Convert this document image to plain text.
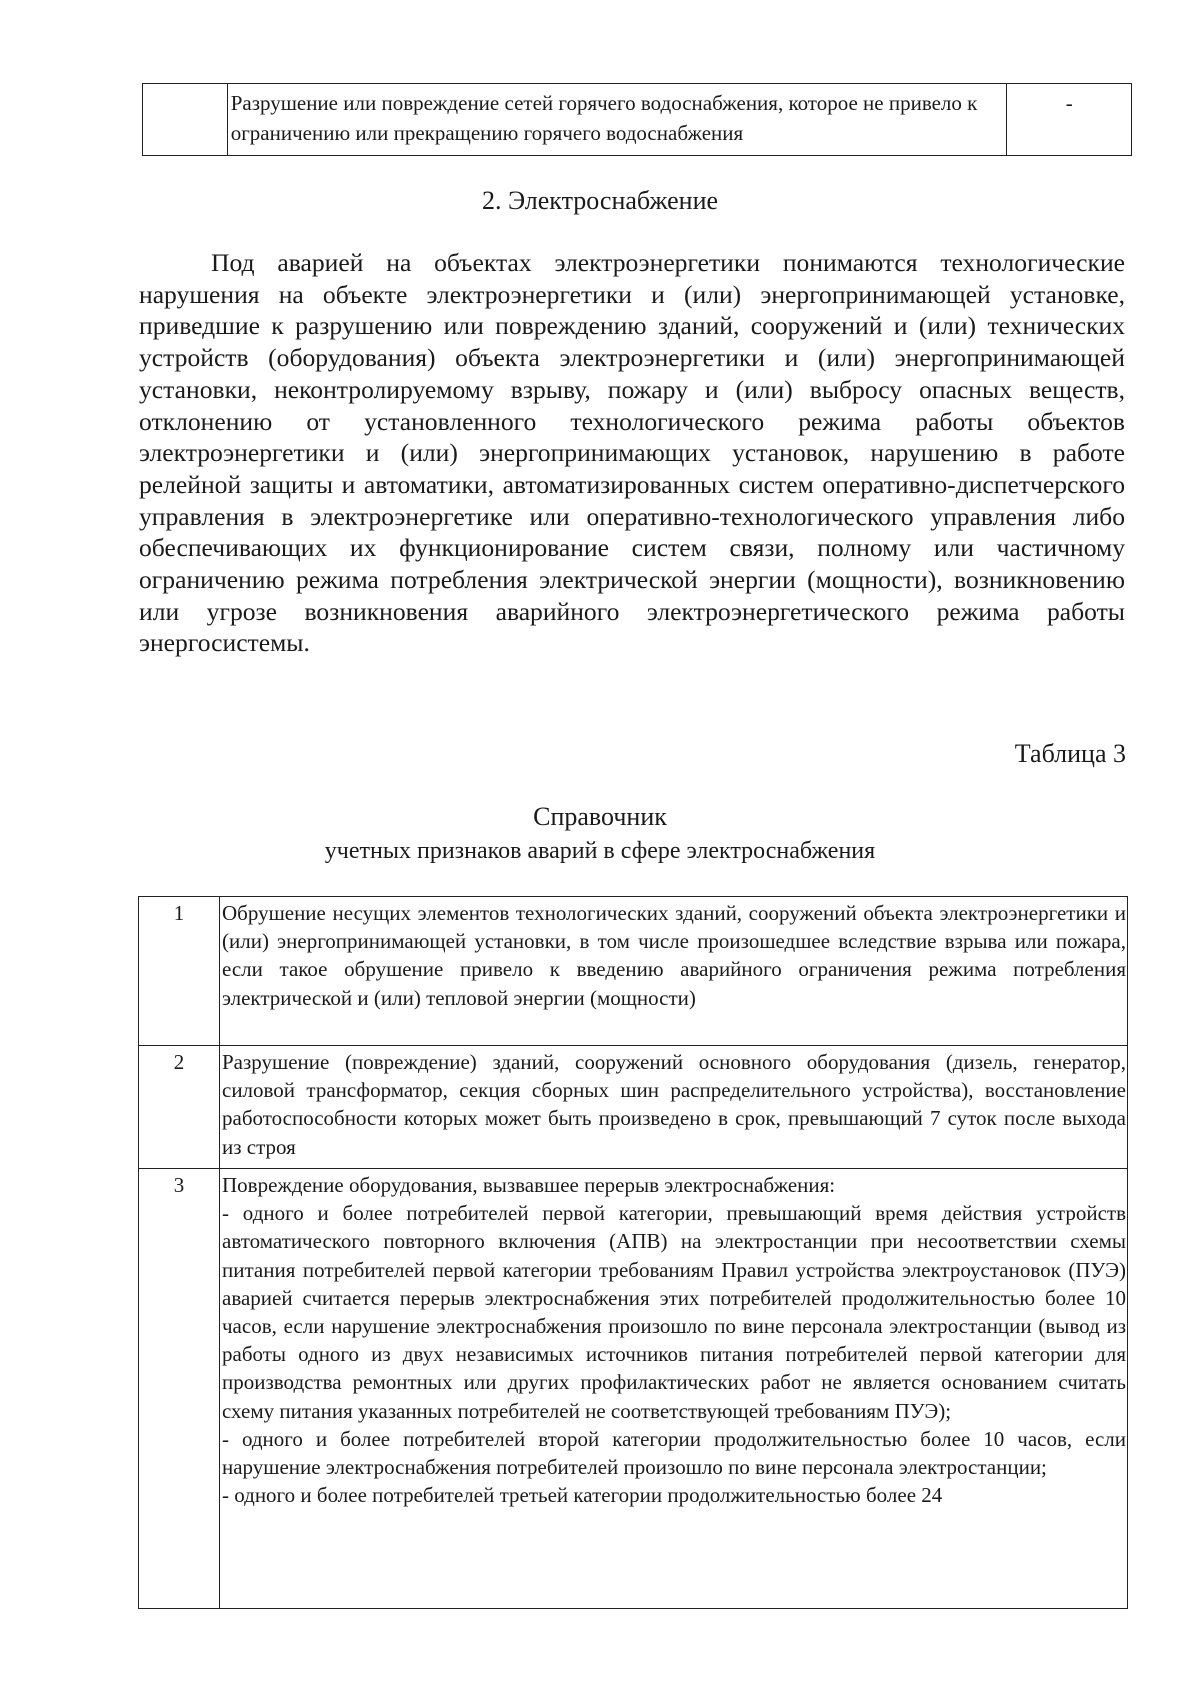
	Разрушение или повреждение сетей горячего водоснабжения, которое не привело к ограничению или прекращению горячего водоснабжения	-
2. Электроснабжение

Под аварией на объектах электроэнергетики понимаются технологические нарушения на объекте электроэнергетики и (или) энергопринимающей установке, приведшие к разрушению или повреждению зданий, сооружений и (или) технических устройств (оборудования) объекта электроэнергетики и (или) энергопринимающей установки, неконтролируемому взрыву, пожару и (или) выбросу опасных веществ, отклонению от установленного технологического режима работы объектов электроэнергетики и (или) энергопринимающих установок, нарушению в работе релейной защиты и автоматики, автоматизированных систем оперативно-диспетчерского управления в электроэнергетике или оперативно-технологического управления либо обеспечивающих их функционирование систем связи, полному или частичному ограничению режима потребления электрической энергии (мощности), возникновению или угрозе возникновения аварийного электроэнергетического режима работы энергосистемы.

Таблица 3
Справочник
учетных признаков аварий в сфере электроснабжения
1	Обрушение несущих элементов технологических зданий, сооружений объекта электроэнергетики и (или) энергопринимающей установки, в том числе произошедшее вследствие взрыва или пожара, если такое обрушение привело к введению аварийного ограничения режима потребления электрической и (или) тепловой энергии (мощности)
2	Разрушение (повреждение) зданий, сооружений основного оборудования (дизель, генератор, силовой трансформатор, секция сборных шин распределительного устройства), восстановление работоспособности которых может быть произведено в срок, превышающий 7 суток после выхода из строя
3	Повреждение оборудования, вызвавшее перерыв электроснабжения:
- одного и более потребителей первой категории, превышающий время действия устройств автоматического повторного включения (АПВ) на электростанции при несоответствии схемы питания потребителей первой категории требованиям Правил устройства электроустановок (ПУЭ) аварией считается перерыв электроснабжения этих потребителей продолжительностью более 10 часов, если нарушение электроснабжения произошло по вине персонала электростанции (вывод из работы одного из двух независимых источников питания потребителей первой категории для производства ремонтных или других профилактических работ не является основанием считать схему питания указанных потребителей не соответствующей требованиям ПУЭ);
- одного и более потребителей второй категории продолжительностью более 10 часов, если нарушение электроснабжения потребителей произошло по вине персонала электростанции;
- одного и более потребителей третьей категории продолжительностью более 24
